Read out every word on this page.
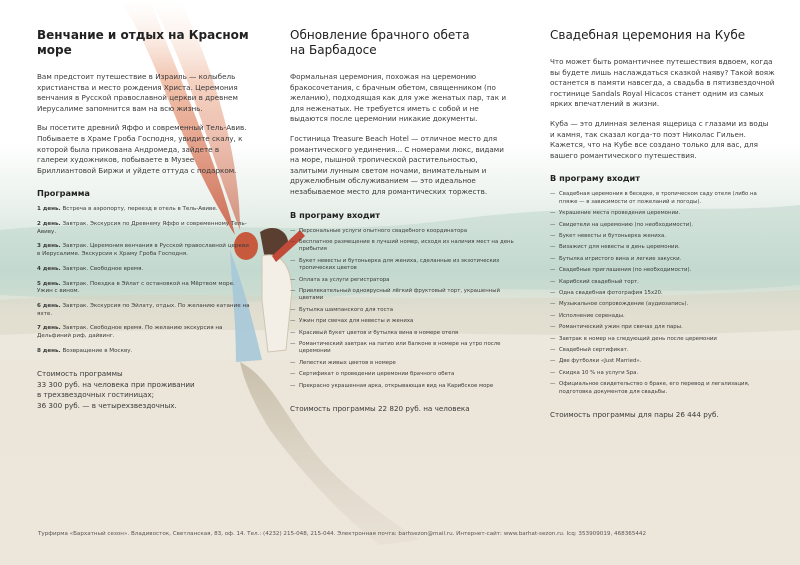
Венчание и отдых на Красном море

Вам предстоит путешествие в Израиль — колыбель христианства и место рождения Христа. Церемония венчания в Русской православной церкви в древнем Иерусалиме запомнится вам на всю жизнь.

Вы посетите древний Яффо и современный Тель-Авив. Побываете в Храме Гроба Господня, увидите скалу, к которой была прикована Андромеда, зайдете в галереи художников, побываете в Музее Бриллиантовой Биржи и уйдете оттуда с подарком.

Программа
1 день. Встреча в аэропорту, переезд в отель в Тель-Авиве.
2 день. Завтрак. Экскурсия по Древнему Яффо и современному Тель-Авиву.
3 день. Завтрак. Церемония венчания в Русской православной церкви в Иерусалиме. Экскурсия к Храму Гроба Господня.
4 день. Завтрак. Свободное время.
5 день. Завтрак. Поездка в Эйлат с остановкой на Мёртвом море. Ужин с вином.
6 день. Завтрак. Экскурсия по Эйлату, отдых. По желанию катание на яхте.
7 день. Завтрак. Свободное время. По желанию экскурсия на Дельфиний риф, дайвинг.
8 день. Возвращение в Москву.
Стоимость программы
33 300 руб. на человека при проживании
в трехзвездочных гостиницах;
36 300 руб. — в четырехзвездочных.
Обновление брачного обета
на Барбадосе

Формальная церемония, похожая на церемонию бракосочетания, с брачным обетом, священником (по желанию), подходящая как для уже женатых пар, так и для неженатых. Не требуется иметь с собой и не выдаются после церемонии никакие документы.

Гостиница Treasure Beach Hotel — отличное место для романтического уединения... С номерами люкс, видами на море, пышной тропической растительностью, залитыми лунным светом ночами, внимательным и дружелюбным обслуживанием — это идеальное незабываемое место для романтических торжеств.

В програму входит
— Персональные услуги опытного свадебного координатора
— Бесплатное размещение в лучший номер, исходя из наличия мест на день прибытия
— Букет невесты и бутоньерка для жениха, сделанные из экзотических тропических цветов
— Оплата за услуги регистратора
— Привлекательный одноярусный лёгкий фруктовый торт, украшенный цветами
— Бутылка шампанского для тоста
— Ужин при свечах для невесты и жениха
— Красивый букет цветов и бутылка вина в номере отеля
— Романтический завтрак на патио или балконе в номере на утро после церемонии
— Лепестки живых цветов в номере
— Сертификат о проведении церемонии брачного обета
— Прекрасно украшенная арка, открывающая вид на Карибское море
Стоимость программы 22 820 руб. на человека
Свадебная церемония на Кубе

Что может быть романтичнее путешествия вдвоем, когда вы будете лишь наслаждаться сказкой наяву? Такой вояж останется в памяти навсегда, а свадьба в пятизвездочной гостинице Sandals Royal Hicacos станет одним из самых ярких впечатлений в жизни.

Куба — это длинная зеленая ящерица с глазами из воды и камня, так сказал когда-то поэт Николас Гильен. Кажется, что на Кубе все создано только для вас, для вашего романтического путешествия.

В програму входит
— Свадебная церемония в беседке, в тропическом саду отеля (либо на пляже — в зависимости от пожеланий и погоды).
— Украшение места проведения церемонии.
— Свидетели на церемонию (по необходимости).
— Букет невесты и бутоньерка жениха.
— Визажист для невесты в день церемонии.
— Бутылка игристого вина и легкие закуски.
— Свадебные приглашения (по необходимости).
— Карибский свадебный торт.
— Одна свадебная фотография 15x20.
— Музыкальное сопровождение (аудиозапись).
— Исполнение серенады.
— Романтический ужин при свечах для пары.
— Завтрак в номер на следующий день после церемонии
— Свадебный сертификат.
— Две футболки «Just Married».
— Скидка 10 % на услуги Spa.
— Официальное свидетельство о браке, его перевод и легализация, подготовка документов для свадьбы.
Стоимость программы для пары 26 444 руб.
Турфирма «Бархатный сезон». Владивосток, Светланская, 83, оф. 14. Тел.: (4232) 215-048, 215-044. Электронная почта: barhsezon@mail.ru. Интернет-сайт: www.barhat-sezon.ru. Icq: 353909019, 468365442
